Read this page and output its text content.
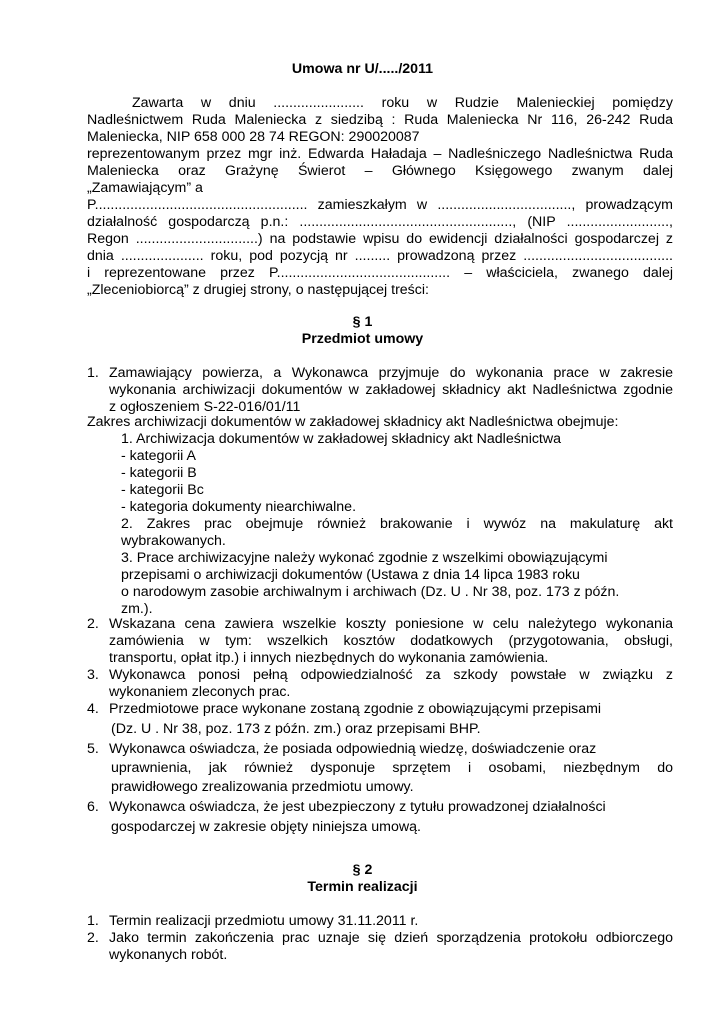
Umowa nr U/...../2011
Zawarta w dniu ....................... roku w Rudzie Malenieckiej pomiędzy
Nadleśnictwem Ruda Maleniecka z siedzibą : Ruda Maleniecka Nr 116, 26-242 Ruda
Maleniecka, NIP 658 000 28 74 REGON: 290020087
reprezentowanym przez mgr inż. Edwarda Haładaja – Nadleśniczego Nadleśnictwa Ruda
Maleniecka oraz Grażynę Świerot – Głównego Księgowego zwanym dalej
„Zamawiającym” a
P...................................................... zamieszkałym w .................................., prowadzącym
działalność gospodarczą p.n.: ......................................................, (NIP ..........................,
Regon ...............................) na podstawie wpisu do ewidencji działalności gospodarczej z
dnia ..................... roku, pod pozycją nr ......... prowadzoną przez ......................................
i reprezentowane przez P............................................ – właściciela, zwanego dalej
„Zleceniobiorcą” z drugiej strony, o następującej treści:
§ 1
Przedmiot umowy
1. Zamawiający powierza, a Wykonawca przyjmuje do wykonania prace w zakresie
wykonania archiwizacji dokumentów w zakładowej składnicy akt Nadleśnictwa zgodnie
z ogłoszeniem S-22-016/01/11
Zakres archiwizacji dokumentów w zakładowej składnicy akt Nadleśnictwa obejmuje:
1. Archiwizacja dokumentów w zakładowej składnicy akt Nadleśnictwa
- kategorii A
- kategorii B
- kategorii Bc
- kategoria dokumenty niearchiwalne.
2. Zakres prac obejmuje również brakowanie i wywóz na makulaturę akt
wybrakowanych.
3. Prace archiwizacyjne należy wykonać zgodnie z wszelkimi obowiązującymi
przepisami o archiwizacji dokumentów (Ustawa z dnia 14 lipca 1983 roku
o narodowym zasobie archiwalnym i archiwach (Dz. U . Nr 38, poz. 173 z późn.
zm.).
2. Wskazana cena zawiera wszelkie koszty poniesione w celu należytego wykonania
zamówienia w tym: wszelkich kosztów dodatkowych (przygotowania, obsługi,
transportu, opłat itp.) i innych niezbędnych do wykonania zamówienia.
3. Wykonawca ponosi pełną odpowiedzialność za szkody powstałe w związku z
wykonaniem zleconych prac.
4. Przedmiotowe prace wykonane zostaną zgodnie z obowiązującymi przepisami
(Dz. U . Nr 38, poz. 173 z późn. zm.) oraz przepisami BHP.
5. Wykonawca oświadcza, że posiada odpowiednią wiedzę, doświadczenie oraz
uprawnienia, jak również dysponuje sprzętem i osobami, niezbędnym do
prawidłowego zrealizowania przedmiotu umowy.
6. Wykonawca oświadcza, że jest ubezpieczony z tytułu prowadzonej działalności
gospodarczej w zakresie objęty niniejsza umową.
§ 2
Termin realizacji
1. Termin realizacji przedmiotu umowy 31.11.2011 r.
2. Jako termin zakończenia prac uznaje się dzień sporządzenia protokołu odbiorczego
wykonanych robót.
